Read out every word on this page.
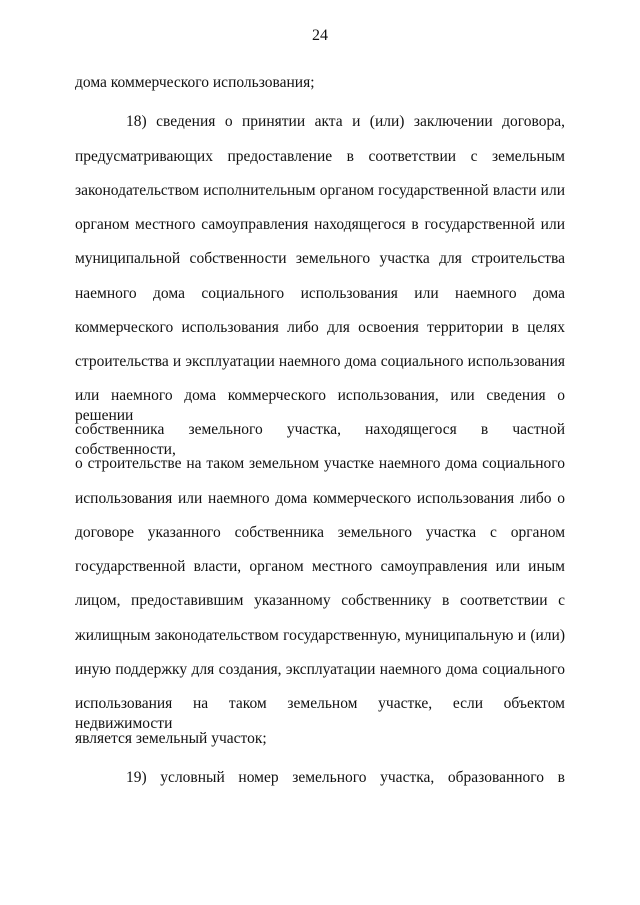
24
дома коммерческого использования;
18) сведения о принятии акта и (или) заключении договора,
предусматривающих предоставление в соответствии с земельным
законодательством исполнительным органом государственной власти или
органом местного самоуправления находящегося в государственной или
муниципальной собственности земельного участка для строительства
наемного дома социального использования или наемного дома
коммерческого использования либо для освоения территории в целях
строительства и эксплуатации наемного дома социального использования
или наемного дома коммерческого использования, или сведения о решении
собственника земельного участка, находящегося в частной собственности,
о строительстве на таком земельном участке наемного дома социального
использования или наемного дома коммерческого использования либо о
договоре указанного собственника земельного участка с органом
государственной власти, органом местного самоуправления или иным
лицом, предоставившим указанному собственнику в соответствии с
жилищным законодательством государственную, муниципальную и (или)
иную поддержку для создания, эксплуатации наемного дома социального
использования на таком земельном участке, если объектом недвижимости
является земельный участок;
19) условный номер земельного участка, образованного в
